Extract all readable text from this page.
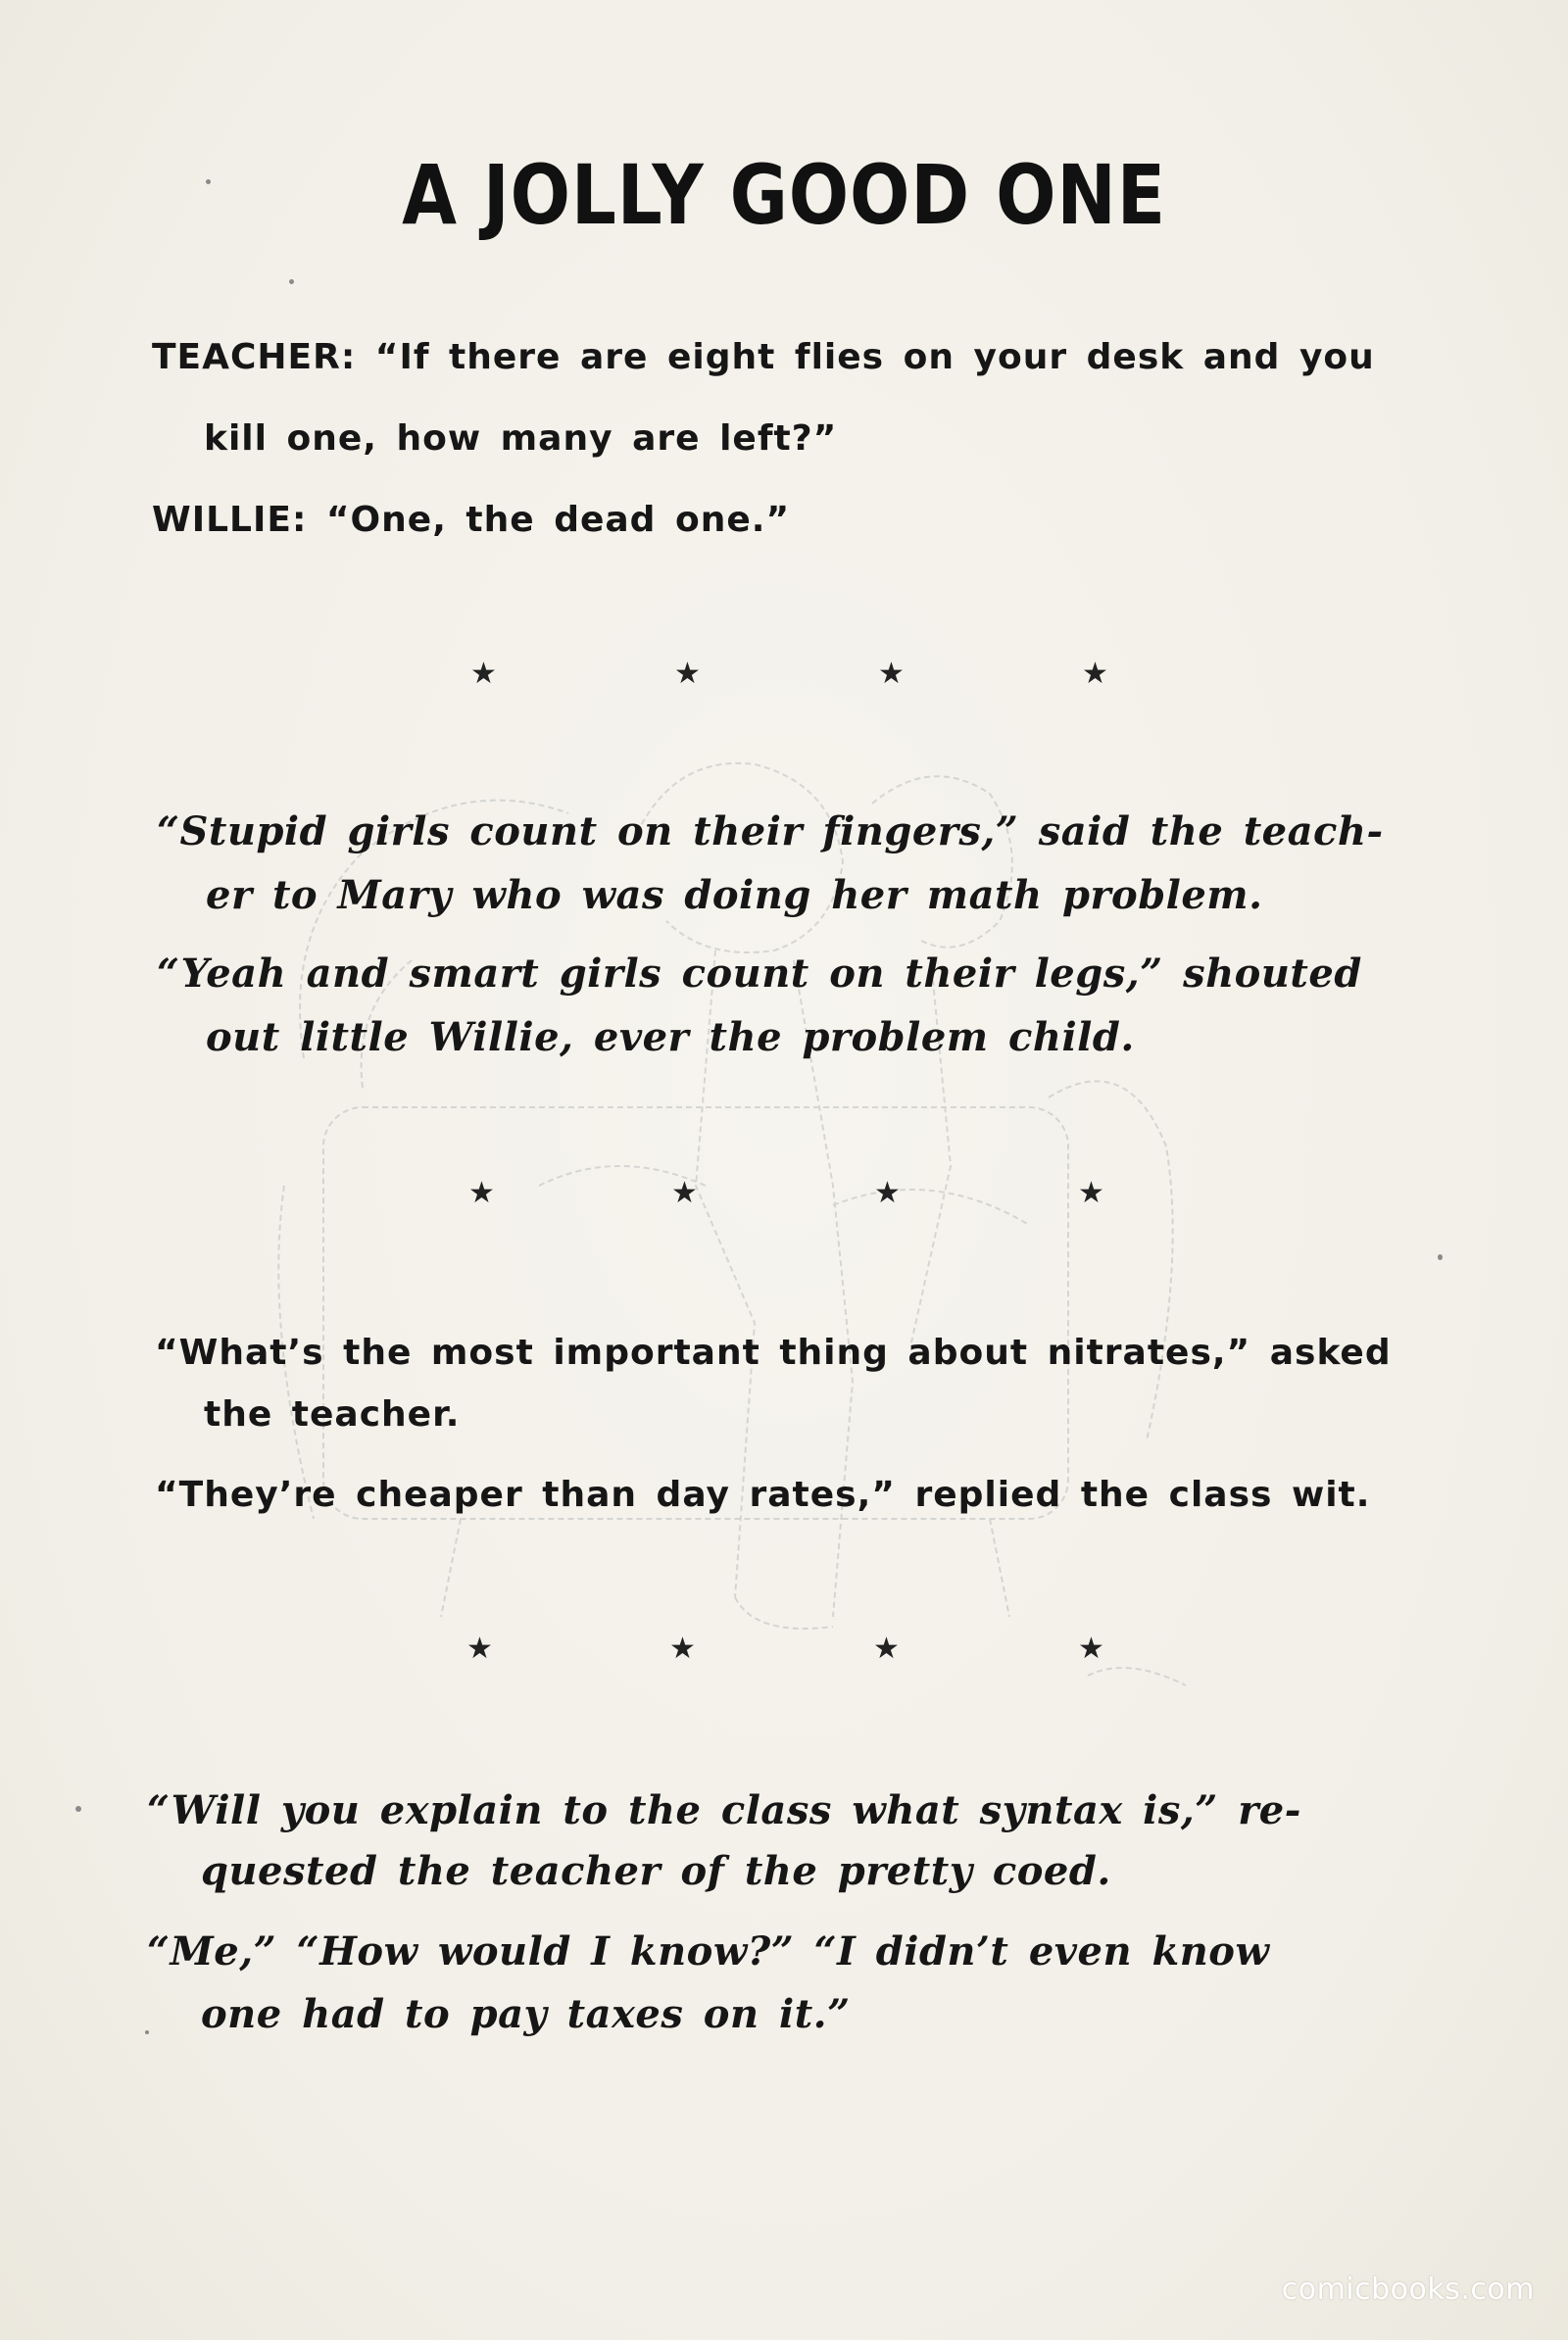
A JOLLY GOOD ONE
TEACHER: “If there are eight flies on your desk and you
kill one, how many are left?”
WILLIE: “One, the dead one.”
★	★	★	★
“Stupid girls count on their fingers,” said the teach-
er to Mary who was doing her math problem.
“Yeah and smart girls count on their legs,” shouted
out little Willie, ever the problem child.
★	★	★	★
“What’s the most important thing about nitrates,” asked
the teacher.
“They’re cheaper than day rates,” replied the class wit.
★	★	★	★
“Will you explain to the class what syntax is,” re-
quested the teacher of the pretty coed.
“Me,” “How would I know?” “I didn’t even know
one had to pay taxes on it.”
comicbooks.com
